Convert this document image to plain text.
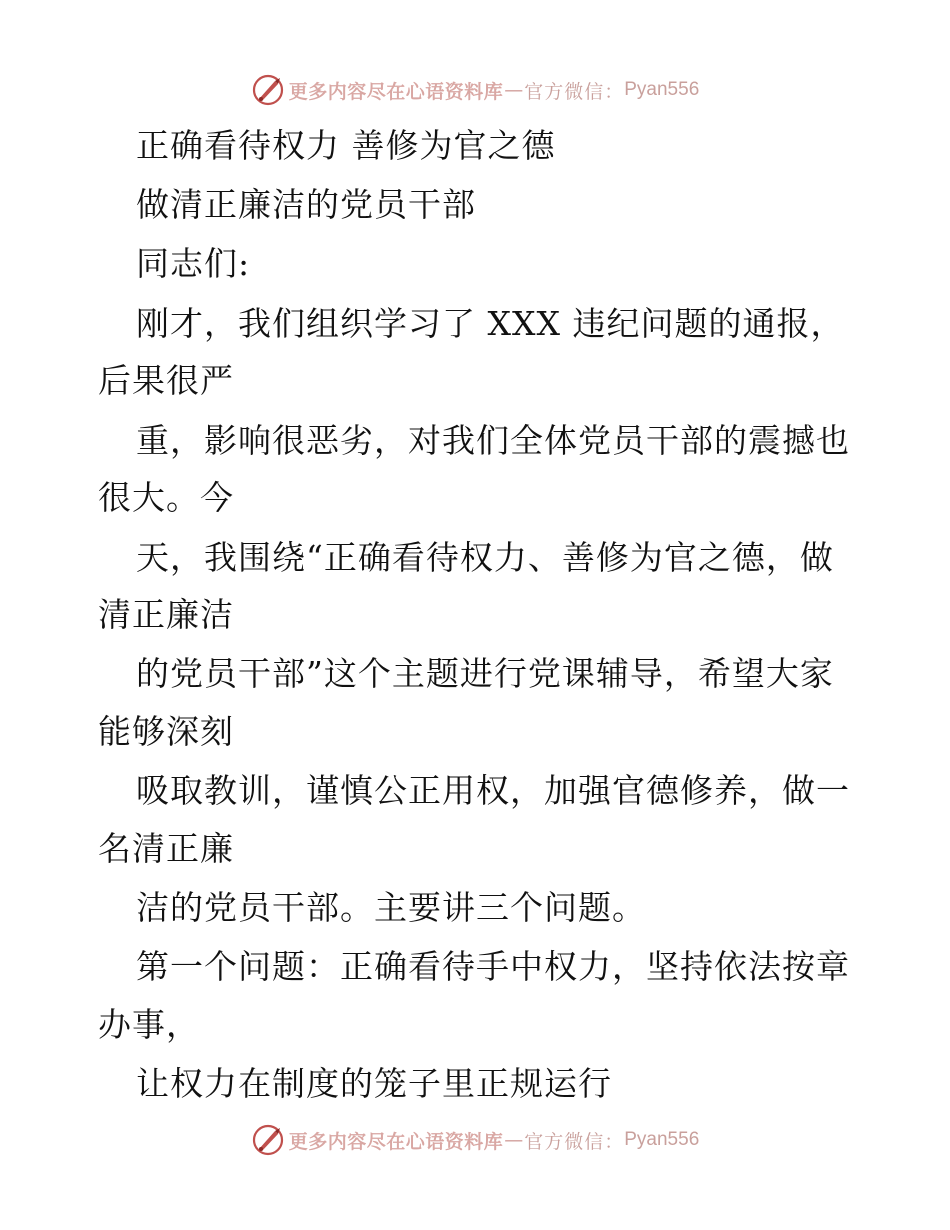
更多内容尽在心语资料库 — 官方微信： Pyan556
正确看待权力 善修为官之德
做清正廉洁的党员干部
同志们:
刚才，我们组织学习了 XXX 违纪问题的通报，
后果很严
重，影响很恶劣，对我们全体党员干部的震撼也
很大。今
天，我围绕“正确看待权力、善修为官之德，做
清正廉洁
的党员干部”这个主题进行党课辅导，希望大家
能够深刻
吸取教训，谨慎公正用权，加强官德修养，做一
名清正廉
洁的党员干部。主要讲三个问题。
第一个问题：正确看待手中权力，坚持依法按章
办事，
让权力在制度的笼子里正规运行
更多内容尽在心语资料库 — 官方微信： Pyan556
